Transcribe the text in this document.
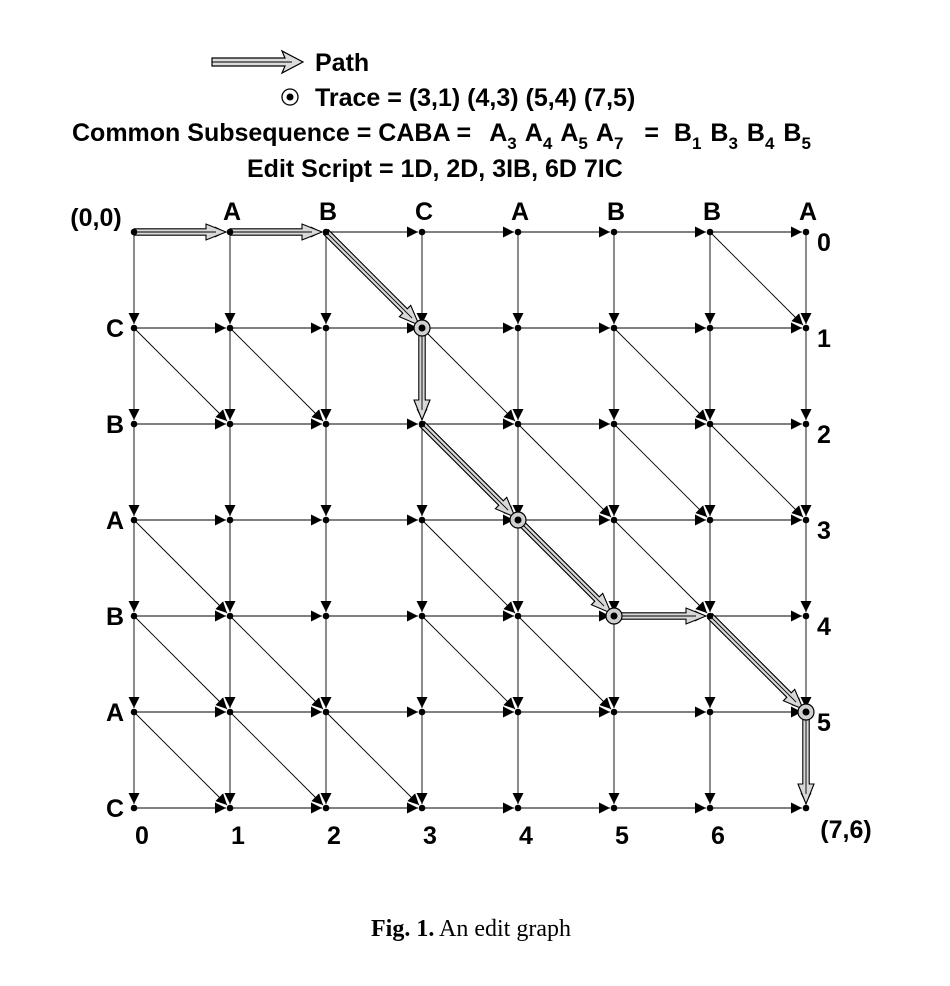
Path
Trace = (3,1) (4,3) (5,4) (7,5)
Common Subsequence = CABA = $A_3$ $A_4$ $A_5$ $A_7 = B_1$ $B_3$ $B_4$ $B_5$
Edit Script = 1D, 2D, 3IB, 6D 7IC
A	B	C	A	B	B	A
C
B
A
B
A
C
0	1	2	3	4	5	6
0
1
2
3
4
5
(0,0)
(7,6)
Fig. 1. An edit graph
